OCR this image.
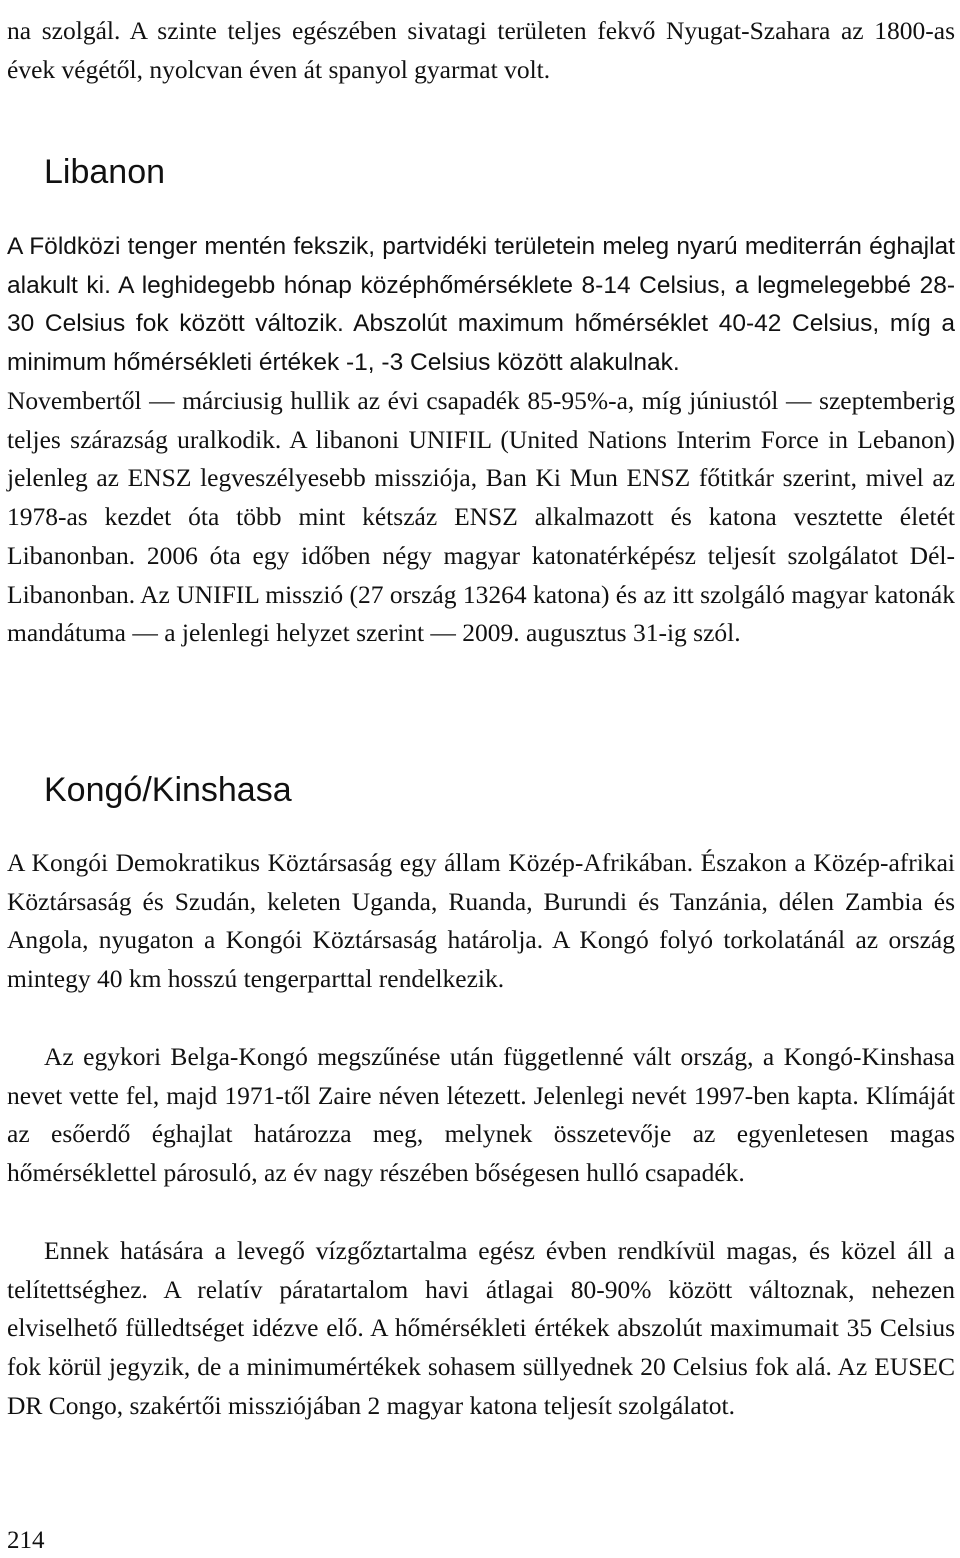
na szolgál. A szinte teljes egészében sivatagi területen fekvő Nyugat-Szahara az 1800-as évek végétől, nyolcvan éven át spanyol gyarmat volt.

Libanon

A Földközi tenger mentén fekszik, partvidéki területein meleg nyarú mediterrán éghajlat alakult ki. A leghidegebb hónap középhőmérséklete 8-14 Celsius, a legmelegebbé 28-30 Celsius fok között változik. Abszolút maximum hőmérséklet 40-42 Celsius, míg a minimum hőmérsékleti értékek -1, -3 Celsius között alakulnak.

Novembertől — márciusig hullik az évi csapadék 85-95%-a, míg júniustól — szeptemberig teljes szárazság uralkodik. A libanoni UNIFIL (United Nations Interim Force in Lebanon) jelenleg az ENSZ legveszélyesebb missziója, Ban Ki Mun ENSZ főtitkár szerint, mivel az 1978-as kezdet óta több mint kétszáz ENSZ alkalmazott és katona vesztette életét Libanonban. 2006 óta egy időben négy magyar katonatérképész teljesít szolgálatot Dél-Libanonban. Az UNIFIL misszió (27 ország 13264 katona) és az itt szolgáló magyar katonák mandátuma — a jelenlegi helyzet szerint — 2009. augusztus 31-ig szól.

Kongó/Kinshasa

A Kongói Demokratikus Köztársaság egy állam Közép-Afrikában. Északon a Közép-afrikai Köztársaság és Szudán, keleten Uganda, Ruanda, Burundi és Tanzánia, délen Zambia és Angola, nyugaton a Kongói Köztársaság határolja. A Kongó folyó torkolatánál az ország mintegy 40 km hosszú tengerparttal rendelkezik.

Az egykori Belga-Kongó megszűnése után függetlenné vált ország, a Kongó-Kinshasa nevet vette fel, majd 1971-től Zaire néven létezett. Jelenlegi nevét 1997-ben kapta. Klímáját az esőerdő éghajlat határozza meg, melynek összetevője az egyenletesen magas hőmérséklettel párosuló, az év nagy részében bőségesen hulló csapadék.

Ennek hatására a levegő vízgőztartalma egész évben rendkívül magas, és közel áll a telítettséghez. A relatív páratartalom havi átlagai 80-90% között változnak, nehezen elviselhető fülledtséget idézve elő. A hőmérsékleti értékek abszolút maximumait 35 Celsius fok körül jegyzik, de a minimumértékek sohasem süllyednek 20 Celsius fok alá. Az EUSEC DR Congo, szakértői missziójában 2 magyar katona teljesít szolgálatot.

214
